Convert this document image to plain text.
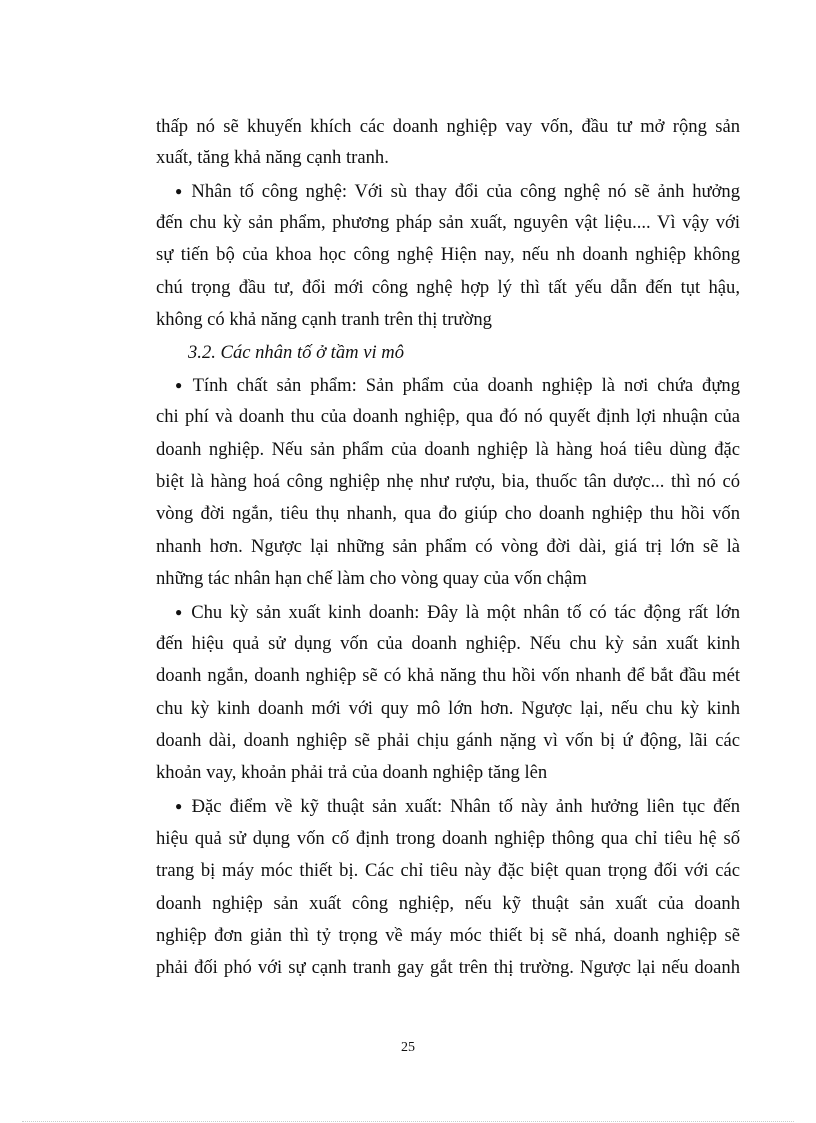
thấp nó sẽ khuyến khích các doanh nghiệp vay vốn, đầu tư mở rộng sản
xuất, tăng khả năng cạnh tranh.
● Nhân tố công nghệ: Với sù thay đổi của công nghệ nó sẽ ảnh hưởng
đến chu kỳ sản phẩm, phương pháp sản xuất, nguyên vật liệu.... Vì vậy với
sự tiến bộ của khoa học công nghệ Hiện nay, nếu nh doanh nghiệp không
chú trọng đầu tư, đổi mới công nghệ hợp lý thì tất yếu dẫn đến tụt hậu,
không có khả năng cạnh tranh trên thị trường
3.2. Các nhân tố ở tầm vi mô
● Tính chất sản phẩm: Sản phẩm của doanh nghiệp là nơi chứa đựng
chi phí và doanh thu của doanh nghiệp, qua đó nó quyết định lợi nhuận của
doanh nghiệp. Nếu sản phẩm của doanh nghiệp là hàng hoá tiêu dùng đặc
biệt là hàng hoá công nghiệp nhẹ như rượu, bia, thuốc tân dược... thì nó có
vòng đời ngắn, tiêu thụ nhanh, qua đo giúp cho doanh nghiệp thu hồi vốn
nhanh hơn. Ngược lại những sản phẩm có vòng đời dài, giá trị lớn sẽ là
những tác nhân hạn chế làm cho vòng quay của vốn chậm
● Chu kỳ sản xuất kinh doanh: Đây là một nhân tố có tác động rất lớn
đến hiệu quả sử dụng vốn của doanh nghiệp. Nếu chu kỳ sản xuất kinh
doanh ngắn, doanh nghiệp sẽ có khả năng thu hồi vốn nhanh để bắt đầu mét
chu kỳ kinh doanh mới với quy mô lớn hơn. Ngược lại, nếu chu kỳ kinh
doanh dài, doanh nghiệp sẽ phải chịu gánh nặng vì vốn bị ứ động, lãi các
khoản vay, khoản phải trả của doanh nghiệp tăng lên
● Đặc điểm về kỹ thuật sản xuất: Nhân tố này ảnh hưởng liên tục đến
hiệu quả sử dụng vốn cố định trong doanh nghiệp thông qua chỉ tiêu hệ số
trang bị máy móc thiết bị. Các chỉ tiêu này đặc biệt quan trọng đối với các
doanh nghiệp sản xuất công nghiệp, nếu kỹ thuật sản xuất của doanh
nghiệp đơn giản thì tỷ trọng về máy móc thiết bị sẽ nhá, doanh nghiệp sẽ
phải đối phó với sự cạnh tranh gay gắt trên thị trường. Ngược lại nếu doanh
25
